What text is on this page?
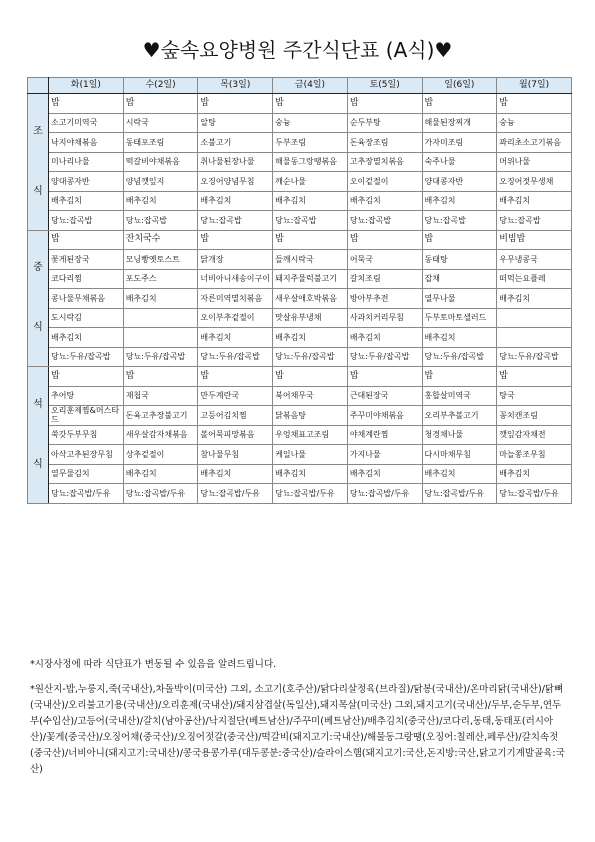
♥숲속요양병원 주간식단표 (A식)♥
	화(1일)	수(2일)	목(3일)	금(4일)	토(5일)	일(6일)	월(7일)
조

식	밥	밥	밥	밥	밥	밥	밥
	소고기미역국	시락국	알탕	숭늉	순두부탕	해물된장찌개	숭늉
	낙지야채볶음	동태포조림	소불고기	두부조림	돈육장조림	가자미조림	꽈리초소고기볶음
	미나리나물	떡갈비야채볶음	취나물된장나물	해물동그랑땡볶음	고추장멸치볶음	숙주나물	머위나물
	양대콩자반	양념깻잎지	오징어양념무침	깨순나물	오이겉절이	양대콩자반	오징어젓무생채
	배추김치	배추김치	배추김치	배추김치	배추김치	배추김치	배추김치
	당뇨:잡곡밥	당뇨:잡곡밥	당뇨:잡곡밥	당뇨:잡곡밥	당뇨:잡곡밥	당뇨:잡곡밥	당뇨:잡곡밥
중

식	밥	잔치국수	밥	밥	밥	밥	비빔밥
	꽃게된장국	모닝빵옛토스트	닭개장	들깨시락국	어묵국	동태탕	우무냉콩국
	코다리찜	포도주스	너비아니새송이구이	돼지주물럭불고기	갈치조림	잡채	떠먹는요플레
	콩나물무채볶음	배추김치	자른미역멸치볶음	새우살애호박볶음	방아부추전	열무나물	배추김치
	도시락김		오이부추겉절이	맛살유부냉채	사과치커리무침	두부토마토샐러드	
	배추김치		배추김치	배추김치	배추김치	배추김치	
	당뇨:두유/잡곡밥	당뇨:두유/잡곡밥	당뇨:두유/잡곡밥	당뇨:두유/잡곡밥	당뇨:두유/잡곡밥	당뇨:두유/잡곡밥	당뇨:두유/잡곡밥
석

식	밥	밥	밥	밥	밥	밥	밥
	추어탕	재첩국	만두계란국	북어채무국	근대된장국	홍합살미역국	탕국
	오리훈제찜&머스타드	돈육고추장불고기	고등어김치찜	닭볶음탕	주꾸미야채볶음	오리부추볼고기	꽁치캔조림
	쑥갓두부무침	새우살감자채볶음	볼어묵피망볶음	우엉채표고조림	야채계란찜	청경채나물	깻잎감자채전
	아삭고추된장무침	상추겉절이	참나물무침	케일나물	가지나물	다시마채무침	마늘쫑조무침
	열무물김치	배추김치	배추김치	배추김치	배추김치	배추김치	배추김치
	당뇨:잡곡밥/두유	당뇨:잡곡밥/두유	당뇨:잡곡밥/두유	당뇨:잡곡밥/두유	당뇨:잡곡밥/두유	당뇨:잡곡밥/두유	당뇨:잡곡밥/두유

*시장사정에 따라 식단표가 변동될 수 있음을 알려드립니다.

*원산지-밥,누룽지,죽(국내산),차돌박이(미국산) 그외, 소고기(호주산)/닭다리살정육(브라질)/닭봉(국내산)/온마리닭(국내산)/닭뼈(국내산)/오리불고기용(국내산)/오리훈제(국내산)/돼지삼겹살(독일산),돼지목살(미국산) 그외,돼지고기(국내산)/두부,순두부,연두부(수입산)/고등어(국내산)/갈치(남아공산)/낙지절단(베트남산)/주꾸미(베트남산)/배추김치(중국산)/코다리,동태,동태포(러시아산)/꽃게(중국산)/오징어채(중국산)/오징어젓갈(중국산)/떡갈비(돼지고기:국내산)/해물동그랑땡(오징어:칠레산,페루산)/갈치속젓(중국산)/너비아니(돼지고기:국내산)/콩국용콩가루(대두콩분:중국산)/슬라이스햄(돼지고기:국산,돈지방:국산,닭고기기계발골육:국산)
